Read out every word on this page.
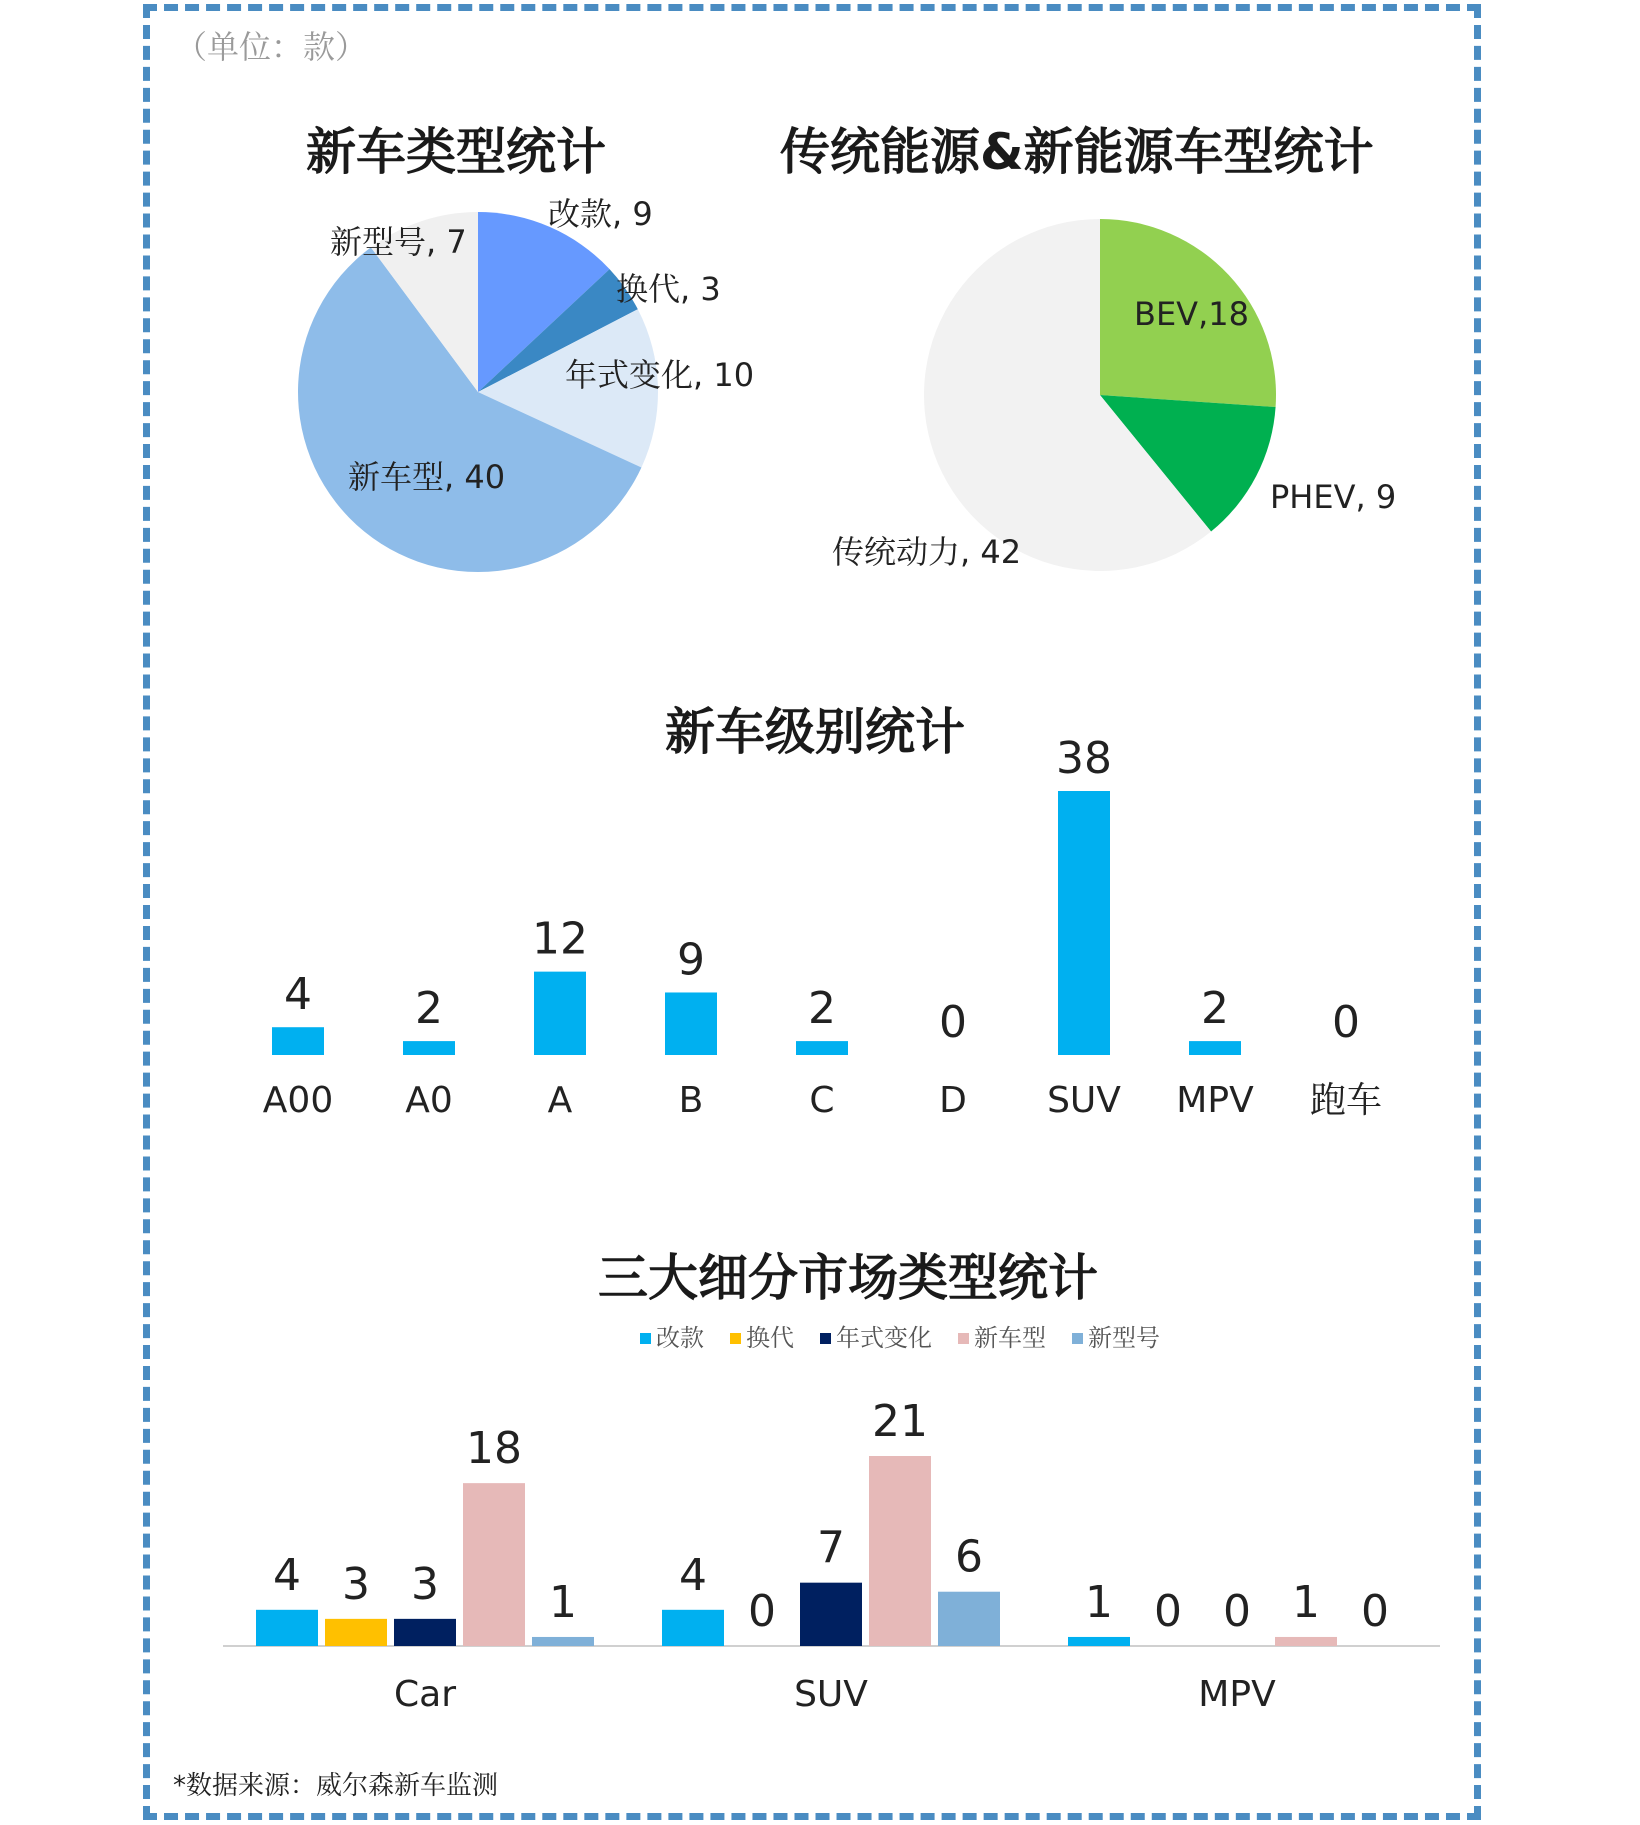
（单位：款）
新车类型统计	传统能源&新能源车型统计
新车级别统计
三大细分市场类型统计
改款, 9
换代, 3
年式变化, 10
新车型, 40
新型号, 7
BEV,18
PHEV, 9
传统动力, 42
4
A00
2
A0
12
A
9
B
2
C
0
D
38
SUV
2
MPV
0
跑车
改款 换代 年式变化 新车型 新型号
4 3 3
18
1
Car
4
0
7
21
6
SUV
1 0 0 1 0
MPV
*数据来源：威尔森新车监测
